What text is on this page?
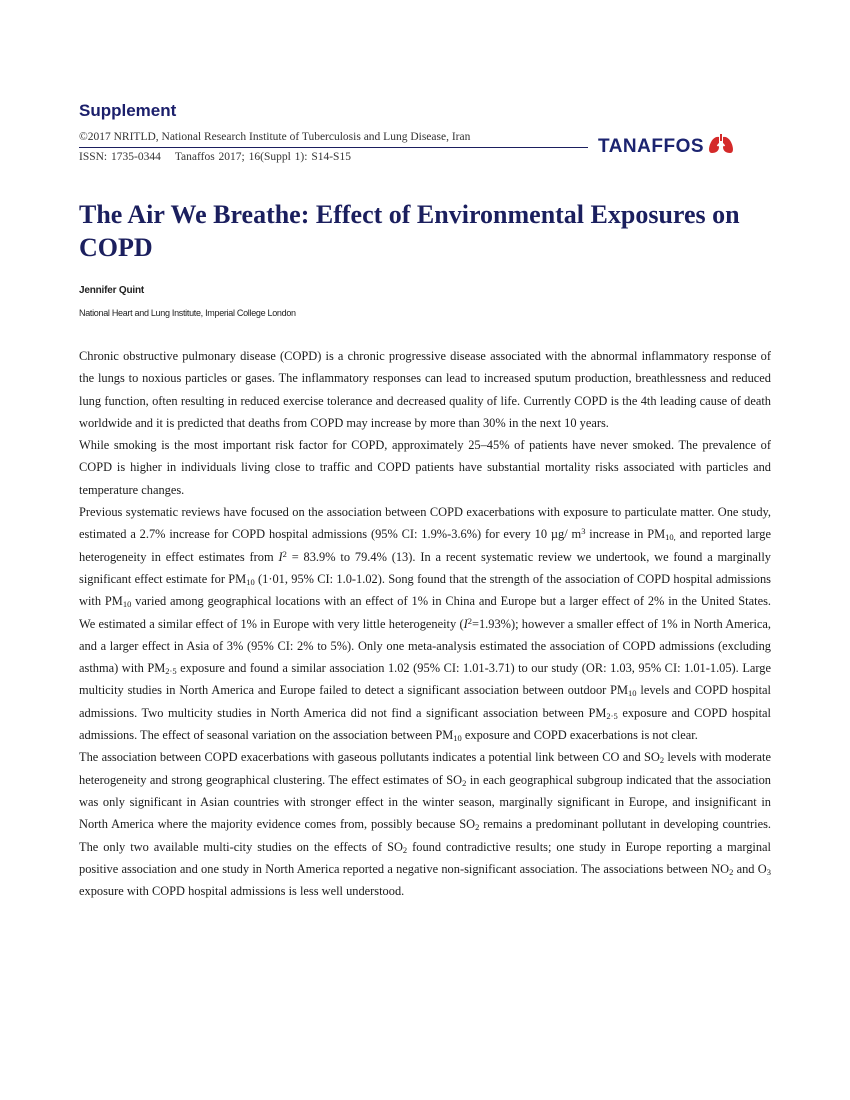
Supplement
©2017 NRITLD, National Research Institute of Tuberculosis and Lung Disease, Iran
ISSN: 1735-0344 Tanaffos 2017; 16(Suppl 1): S14-S15
TANAFFOS
The Air We Breathe: Effect of Environmental Exposures on COPD
Jennifer Quint
National Heart and Lung Institute, Imperial College London

Chronic obstructive pulmonary disease (COPD) is a chronic progressive disease associated with the abnormal inflammatory response of the lungs to noxious particles or gases. The inflammatory responses can lead to increased sputum production, breathlessness and reduced lung function, often resulting in reduced exercise tolerance and decreased quality of life. Currently COPD is the 4th leading cause of death worldwide and it is predicted that deaths from COPD may increase by more than 30% in the next 10 years.

While smoking is the most important risk factor for COPD, approximately 25–45% of patients have never smoked. The prevalence of COPD is higher in individuals living close to traffic and COPD patients have substantial mortality risks associated with particles and temperature changes.

Previous systematic reviews have focused on the association between COPD exacerbations with exposure to particulate matter. One study, estimated a 2.7% increase for COPD hospital admissions (95% CI: 1.9%-3.6%) for every 10 µg/ $m^3$ increase in $PM_{10,}$ and reported large heterogeneity in effect estimates from $I^2 = 83.9\%$ to 79.4% (13). In a recent systematic review we undertook, we found a marginally significant effect estimate for $PM_{10}$ (1·01, 95% CI: 1.0-1.02). Song found that the strength of the association of COPD hospital admissions with $PM_{10}$ varied among geographical locations with an effect of 1% in China and Europe but a larger effect of 2% in the United States. We estimated a similar effect of 1% in Europe with very little heterogeneity $(I^2=1.93\%)$; however a smaller effect of 1% in North America, and a larger effect in Asia of 3% (95% CI: 2% to 5%). Only one meta-analysis estimated the association of COPD admissions (excluding asthma) with $PM_{2\cdot 5}$ exposure and found a similar association 1.02 (95% CI: 1.01-3.71) to our study (OR: 1.03, 95% CI: 1.01-1.05). Large multicity studies in North America and Europe failed to detect a significant association between outdoor $PM_{10}$ levels and COPD hospital admissions. Two multicity studies in North America did not find a significant association between $PM_{2\cdot 5}$ exposure and COPD hospital admissions. The effect of seasonal variation on the association between $PM_{10}$ exposure and COPD exacerbations is not clear.

The association between COPD exacerbations with gaseous pollutants indicates a potential link between CO and $SO_2$ levels with moderate heterogeneity and strong geographical clustering. The effect estimates of $SO_2$ in each geographical subgroup indicated that the association was only significant in Asian countries with stronger effect in the winter season, marginally significant in Europe, and insignificant in North America where the majority evidence comes from, possibly because $SO_2$ remains a predominant pollutant in developing countries. The only two available multi-city studies on the effects of $SO_2$ found contradictive results; one study in Europe reporting a marginal positive association and one study in North America reported a negative non-significant association. The associations between $NO_2$ and $O_3$ exposure with COPD hospital admissions is less well understood.
